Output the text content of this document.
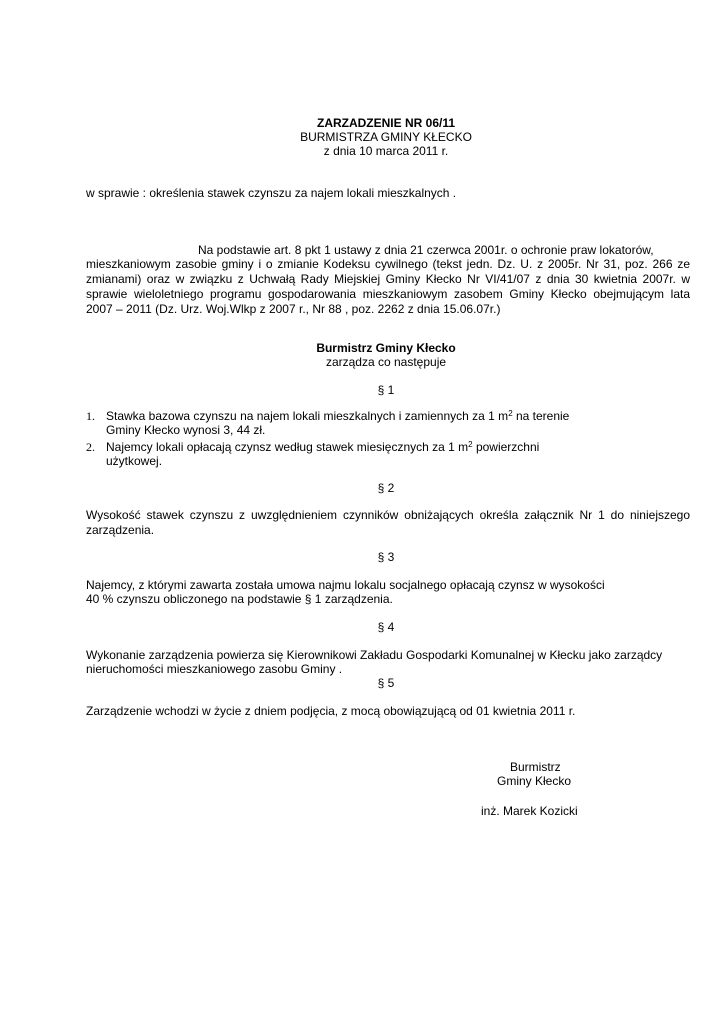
ZARZADZENIE NR 06/11
BURMISTRZA GMINY KŁECKO
z dnia 10 marca 2011 r.
w sprawie : określenia stawek czynszu za najem lokali mieszkalnych .
Na podstawie art. 8 pkt 1 ustawy z dnia 21 czerwca 2001r. o ochronie praw lokatorów,
mieszkaniowym zasobie gminy i o zmianie Kodeksu cywilnego (tekst jedn. Dz. U. z 2005r. Nr 31, poz. 266 ze zmianami) oraz w związku z Uchwałą Rady Miejskiej Gminy Kłecko Nr VI/41/07 z dnia 30 kwietnia 2007r. w sprawie wieloletniego programu gospodarowania mieszkaniowym zasobem Gminy Kłecko obejmującym lata 2007 – 2011 (Dz. Urz. Woj.Wlkp z 2007 r., Nr 88 , poz. 2262 z dnia 15.06.07r.)
Burmistrz Gminy Kłecko
zarządza co następuje
§ 1
1. Stawka bazowa czynszu na najem lokali mieszkalnych i zamiennych za 1 $m^2$ na terenie
Gminy Kłecko wynosi 3, 44 zł.
2. Najemcy lokali opłacają czynsz według stawek miesięcznych za 1 $m^2$ powierzchni
użytkowej.
§ 2
Wysokość stawek czynszu z uwzględnieniem czynników obniżających określa załącznik Nr 1 do niniejszego zarządzenia.
§ 3
Najemcy, z którymi zawarta została umowa najmu lokalu socjalnego opłacają czynsz w wysokości
40 % czynszu obliczonego na podstawie § 1 zarządzenia.
§ 4
Wykonanie zarządzenia powierza się Kierownikowi Zakładu Gospodarki Komunalnej w Kłecku jako zarządcy
nieruchomości mieszkaniowego zasobu Gminy .
§ 5
Zarządzenie wchodzi w życie z dniem podjęcia, z mocą obowiązującą od 01 kwietnia 2011 r.
Burmistrz
Gminy Kłecko
inż. Marek Kozicki
